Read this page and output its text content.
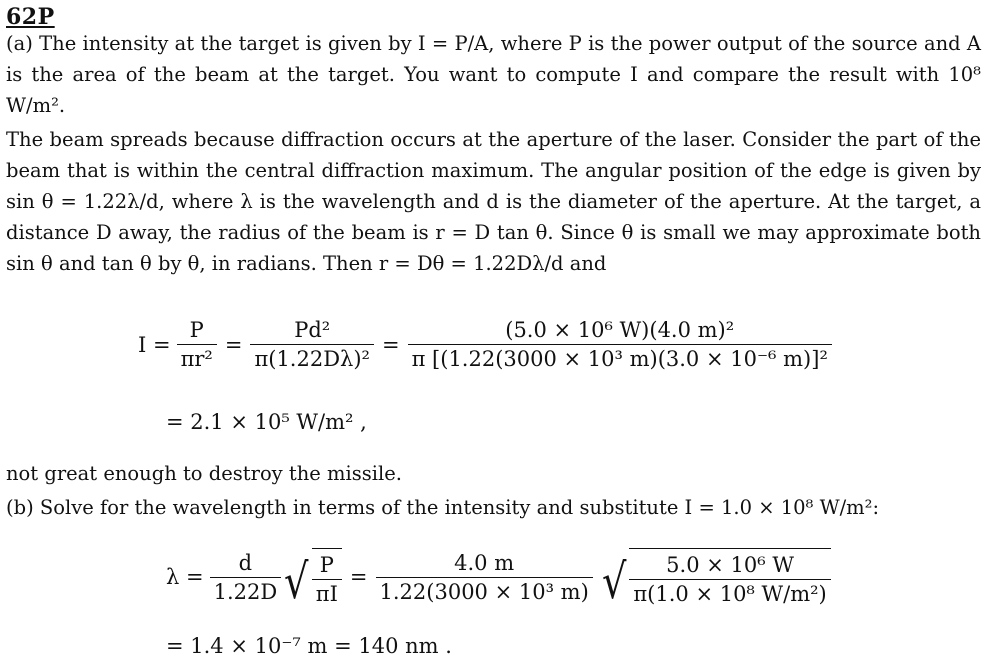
62P
(a) The intensity at the target is given by I = P/A, where P is the power output of the source and A is the area of the beam at the target. You want to compute I and compare the result with 10⁸ W/m².
The beam spreads because diffraction occurs at the aperture of the laser. Consider the part of the beam that is within the central diffraction maximum. The angular position of the edge is given by sin θ = 1.22λ/d, where λ is the wavelength and d is the diameter of the aperture. At the target, a distance D away, the radius of the beam is r = D tan θ. Since θ is small we may approximate both sin θ and tan θ by θ, in radians. Then r = Dθ = 1.22Dλ/d and
$I = \frac{P}{\text{πr²}} = \frac{\text{Pd²}}{\text{π(1.22Dλ)²}} = \frac{\text{(5.0 × 10⁶ W)(4.0 m)²}}{\text{π [(1.22(3000 × 10³ m)(3.0 × 10⁻⁶ m)]²}}$
= 2.1 × 10⁵ W/m² ,
not great enough to destroy the missile.
(b) Solve for the wavelength in terms of the intensity and substitute I = 1.0 × 10⁸ W/m²:
$\lambda = \frac{d}{1.22D}$ √ $\frac{P}{\pi I} = \frac{4.0 m}{\text{1.22(3000 × 10³ m)}}$ √ $\frac{\text{5.0 × 10⁶ W}}{\text{π(1.0 × 10⁸ W/m²)}}$
= 1.4 × 10⁻⁷ m = 140 nm .
